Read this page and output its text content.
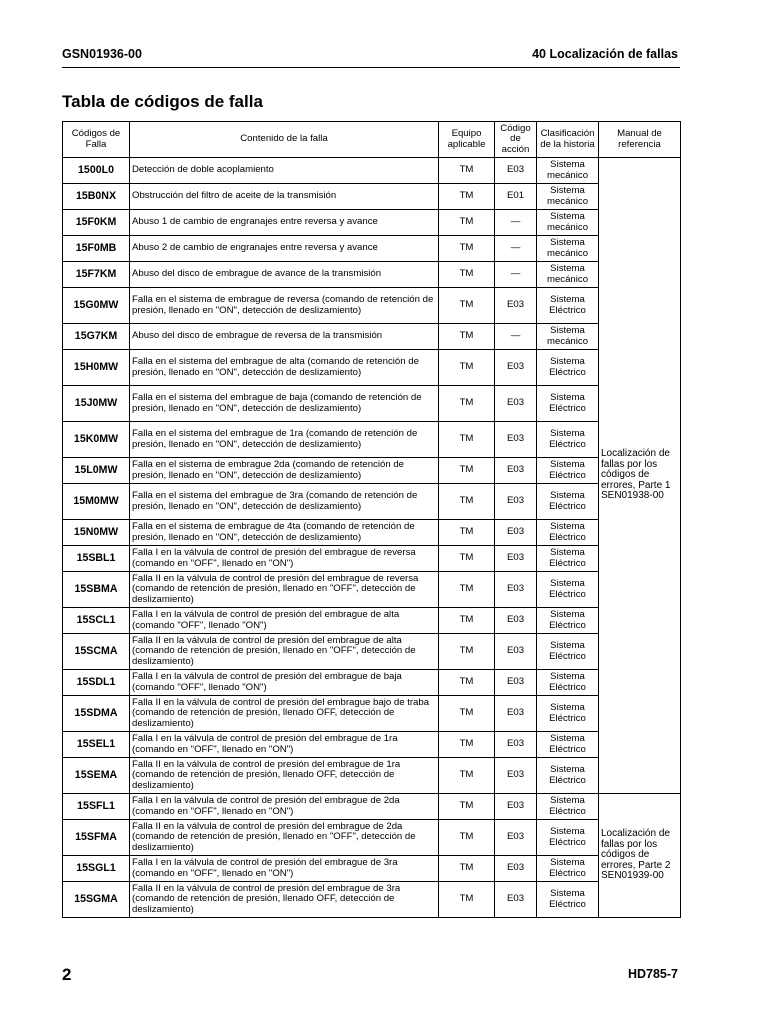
GSN01936-00	40 Localización de fallas
Tabla de códigos de falla
Códigos de Falla	Contenido de la falla	Equipo aplicable	Código de acción	Clasificación de la historia	Manual de referencia
1500L0	Detección de doble acoplamiento	TM	E03	Sistema mecánico	Localización de fallas por los códigos de errores, Parte 1 SEN01938-00
15B0NX	Obstrucción del filtro de aceite de la transmisión	TM	E01	Sistema mecánico	
15F0KM	Abuso 1 de cambio de engranajes entre reversa y avance	TM	—	Sistema mecánico	
15F0MB	Abuso 2 de cambio de engranajes entre reversa y avance	TM	—	Sistema mecánico	
15F7KM	Abuso del disco de embrague de avance de la transmisión	TM	—	Sistema mecánico	
15G0MW	Falla en el sistema de embrague de reversa (comando de retención de presión, llenado en "ON", detección de deslizamiento)	TM	E03	Sistema Eléctrico	
15G7KM	Abuso del disco de embrague de reversa de la transmisión	TM	—	Sistema mecánico	
15H0MW	Falla en el sistema del embrague de alta (comando de retención de presión, llenado en "ON", detección de deslizamiento)	TM	E03	Sistema Eléctrico	
15J0MW	Falla en el sistema del embrague de baja (comando de retención de presión, llenado en "ON", detección de deslizamiento)	TM	E03	Sistema Eléctrico	
15K0MW	Falla en el sistema del embrague de 1ra (comando de retención de presión, llenado en "ON", detección de deslizamiento)	TM	E03	Sistema Eléctrico	
15L0MW	Falla en el sistema de embrague 2da (comando de retención de presión, llenado en "ON", detección de deslizamiento)	TM	E03	Sistema Eléctrico	
15M0MW	Falla en el sistema del embrague de 3ra (comando de retención de presión, llenado en "ON", detección de deslizamiento)	TM	E03	Sistema Eléctrico	
15N0MW	Falla en el sistema de embrague de 4ta (comando de retención de presión, llenado en "ON", detección de deslizamiento)	TM	E03	Sistema Eléctrico	
15SBL1	Falla I en la válvula de control de presión del embrague de reversa (comando en "OFF", llenado en "ON")	TM	E03	Sistema Eléctrico	
15SBMA	Falla II en la válvula de control de presión del embrague de reversa (comando de retención de presión, llenado en "OFF", detección de deslizamiento)	TM	E03	Sistema Eléctrico	
15SCL1	Falla I en la válvula de control de presión del embrague de alta (comando "OFF", llenado "ON")	TM	E03	Sistema Eléctrico	
15SCMA	Falla II en la válvula de control de presión del embrague de alta (comando de retención de presión, llenado en "OFF", detección de deslizamiento)	TM	E03	Sistema Eléctrico	
15SDL1	Falla I en la válvula de control de presión del embrague de baja (comando "OFF", llenado "ON")	TM	E03	Sistema Eléctrico	
15SDMA	Falla II en la válvula de control de presión del embrague bajo de traba (comando de retención de presión, llenado OFF, detección de deslizamiento)	TM	E03	Sistema Eléctrico	
15SEL1	Falla I en la válvula de control de presión del embrague de 1ra (comando en "OFF", llenado en "ON")	TM	E03	Sistema Eléctrico	
15SEMA	Falla II en la válvula de control de presión del embrague de 1ra (comando de retención de presión, llenado OFF, detección de deslizamiento)	TM	E03	Sistema Eléctrico	
15SFL1	Falla I en la válvula de control de presión del embrague de 2da (comando en "OFF", llenado en "ON")	TM	E03	Sistema Eléctrico	Localización de fallas por los códigos de errores, Parte 2 SEN01939-00
15SFMA	Falla II en la válvula de control de presión del embrague de 2da (comando de retención de presión, llenado en "OFF", detección de deslizamiento)	TM	E03	Sistema Eléctrico	
15SGL1	Falla I en la válvula de control de presión del embrague de 3ra (comando en "OFF", llenado en "ON")	TM	E03	Sistema Eléctrico	
15SGMA	Falla II en la válvula de control de presión del embrague de 3ra (comando de retención de presión, llenado OFF, detección de deslizamiento)	TM	E03	Sistema Eléctrico	
2	HD785-7
